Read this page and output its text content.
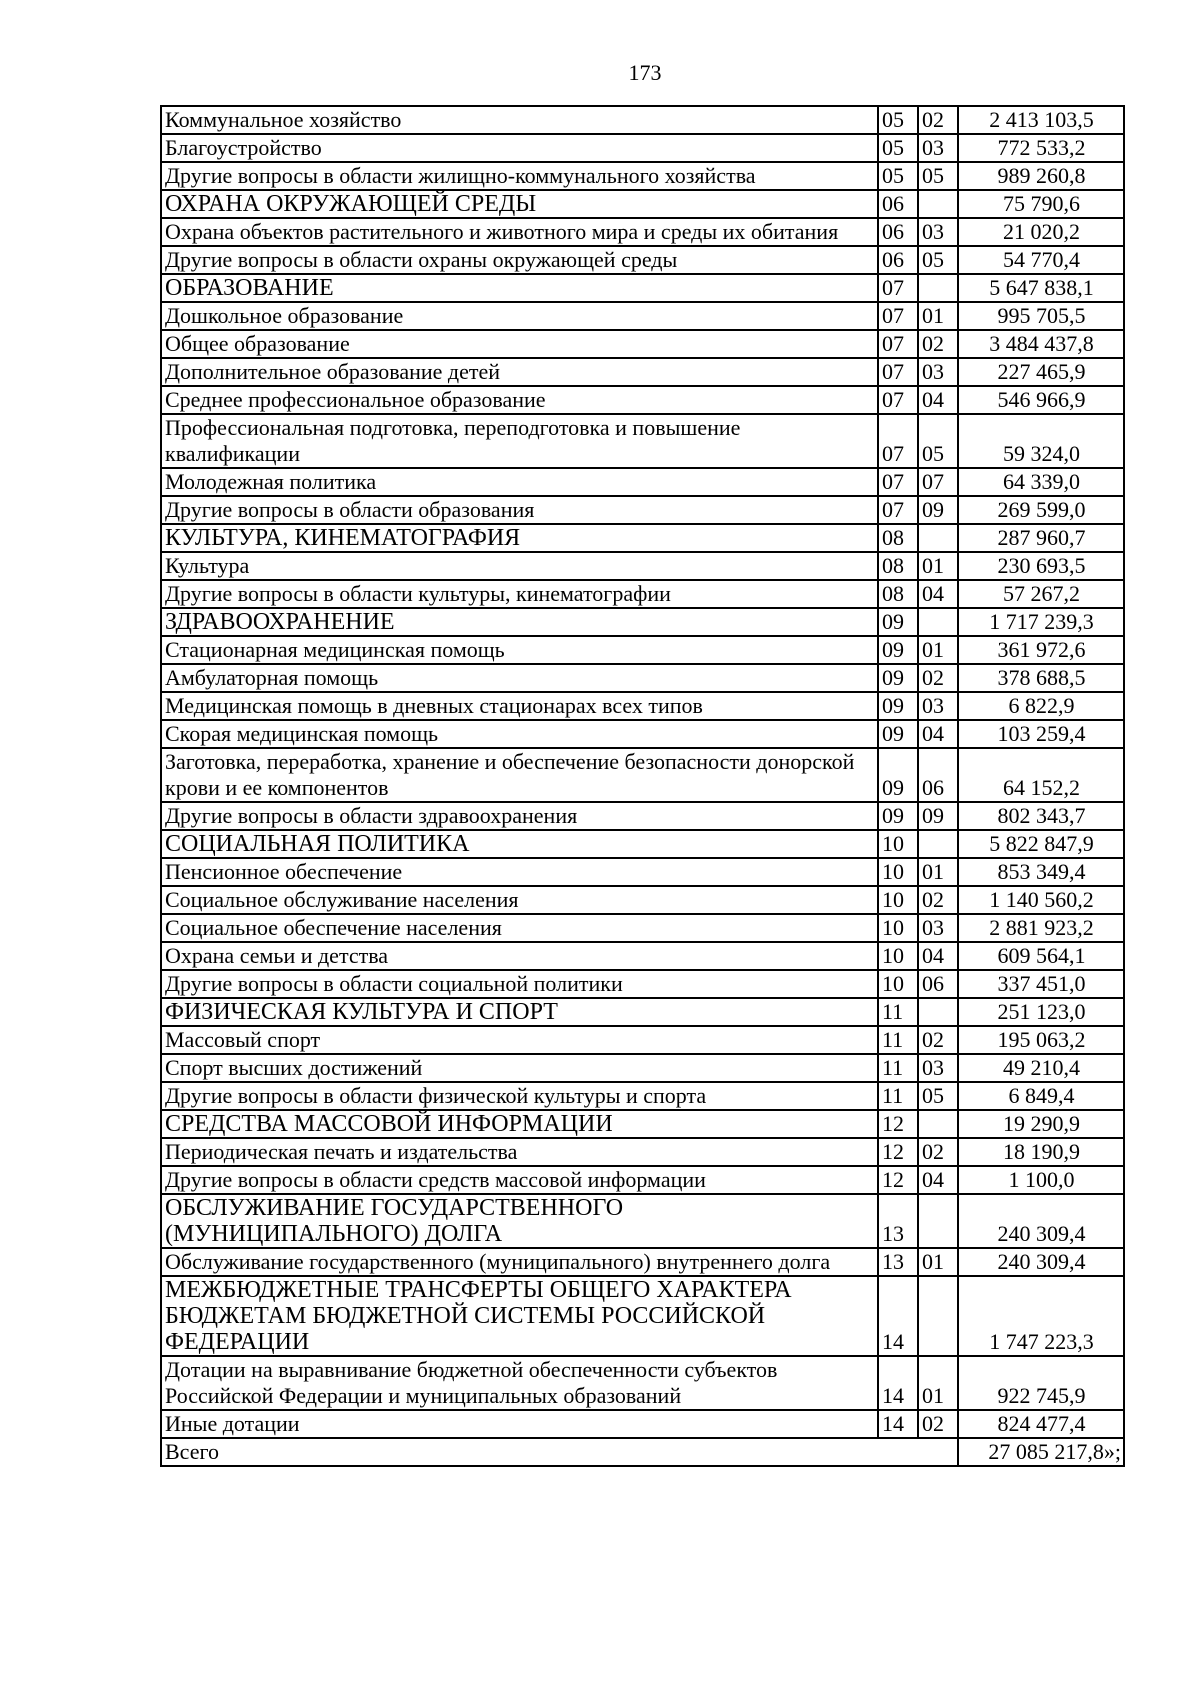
173
Коммунальное хозяйство	05	02	2 413 103,5
Благоустройство	05	03	772 533,2
Другие вопросы в области жилищно-коммунального хозяйства	05	05	989 260,8
ОХРАНА ОКРУЖАЮЩЕЙ СРЕДЫ	06		75 790,6
Охрана объектов растительного и животного мира и среды их обитания	06	03	21 020,2
Другие вопросы в области охраны окружающей среды	06	05	54 770,4
ОБРАЗОВАНИЕ	07		5 647 838,1
Дошкольное образование	07	01	995 705,5
Общее образование	07	02	3 484 437,8
Дополнительное образование детей	07	03	227 465,9
Среднее профессиональное образование	07	04	546 966,9
Профессиональная подготовка, переподготовка и повышение квалификации	07	05	59 324,0
Молодежная политика	07	07	64 339,0
Другие вопросы в области образования	07	09	269 599,0
КУЛЬТУРА, КИНЕМАТОГРАФИЯ	08		287 960,7
Культура	08	01	230 693,5
Другие вопросы в области культуры, кинематографии	08	04	57 267,2
ЗДРАВООХРАНЕНИЕ	09		1 717 239,3
Стационарная медицинская помощь	09	01	361 972,6
Амбулаторная помощь	09	02	378 688,5
Медицинская помощь в дневных стационарах всех типов	09	03	6 822,9
Скорая медицинская помощь	09	04	103 259,4
Заготовка, переработка, хранение и обеспечение безопасности донорской крови и ее компонентов	09	06	64 152,2
Другие вопросы в области здравоохранения	09	09	802 343,7
СОЦИАЛЬНАЯ ПОЛИТИКА	10		5 822 847,9
Пенсионное обеспечение	10	01	853 349,4
Социальное обслуживание населения	10	02	1 140 560,2
Социальное обеспечение населения	10	03	2 881 923,2
Охрана семьи и детства	10	04	609 564,1
Другие вопросы в области социальной политики	10	06	337 451,0
ФИЗИЧЕСКАЯ КУЛЬТУРА И СПОРТ	11		251 123,0
Массовый спорт	11	02	195 063,2
Спорт высших достижений	11	03	49 210,4
Другие вопросы в области физической культуры и спорта	11	05	6 849,4
СРЕДСТВА МАССОВОЙ ИНФОРМАЦИИ	12		19 290,9
Периодическая печать и издательства	12	02	18 190,9
Другие вопросы в области средств массовой информации	12	04	1 100,0
ОБСЛУЖИВАНИЕ ГОСУДАРСТВЕННОГО (МУНИЦИПАЛЬНОГО) ДОЛГА	13		240 309,4
Обслуживание государственного (муниципального) внутреннего долга	13	01	240 309,4
МЕЖБЮДЖЕТНЫЕ ТРАНСФЕРТЫ ОБЩЕГО ХАРАКТЕРА БЮДЖЕТАМ БЮДЖЕТНОЙ СИСТЕМЫ РОССИЙСКОЙ ФЕДЕРАЦИИ	14		1 747 223,3
Дотации на выравнивание бюджетной обеспеченности субъектов Российской Федерации и муниципальных образований	14	01	922 745,9
Иные дотации	14	02	824 477,4
Всего			27 085 217,8»;
